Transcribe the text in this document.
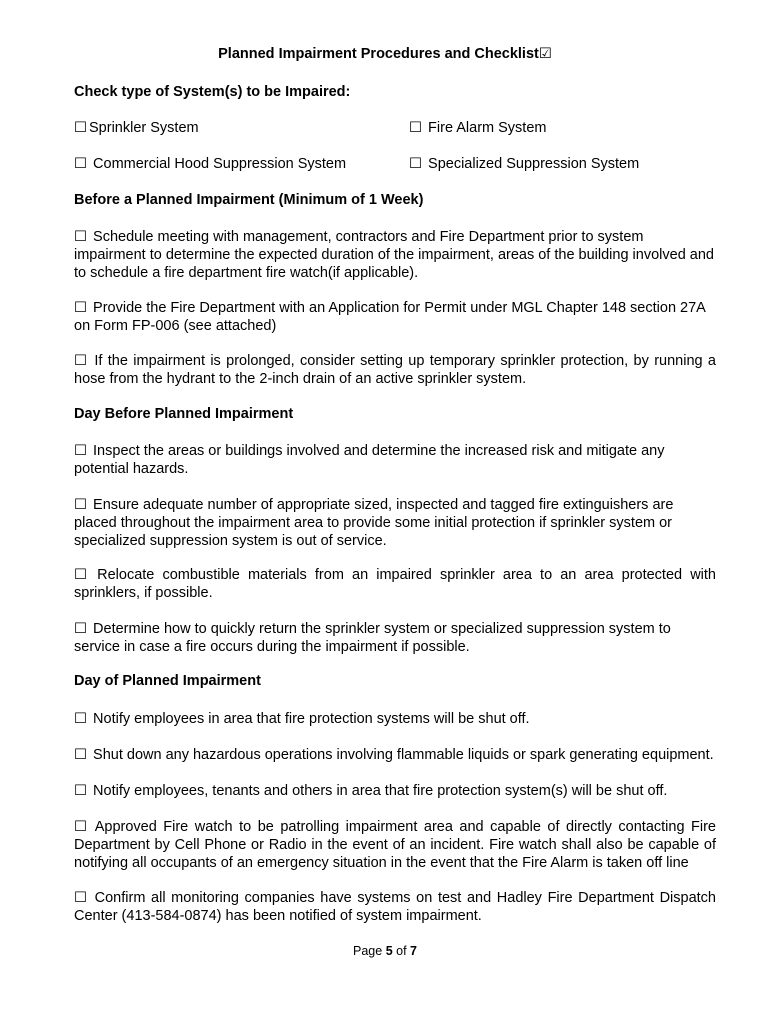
Planned Impairment Procedures and Checklist☑
Check type of System(s) to be Impaired:
☐ Sprinkler System	☐ Fire Alarm System
☐ Commercial Hood Suppression System	☐ Specialized Suppression System
Before a Planned Impairment (Minimum of 1 Week)
☐ Schedule meeting with management, contractors and Fire Department prior to system impairment to determine the expected duration of the impairment, areas of the building involved and to schedule a fire department fire watch(if applicable).
☐ Provide the Fire Department with an Application for Permit under MGL Chapter 148 section 27A on Form FP-006 (see attached)
☐ If the impairment is prolonged, consider setting up temporary sprinkler protection, by running a hose from the hydrant to the 2-inch drain of an active sprinkler system.
Day Before Planned Impairment
☐ Inspect the areas or buildings involved and determine the increased risk and mitigate any potential hazards.
☐ Ensure adequate number of appropriate sized, inspected and tagged fire extinguishers are placed throughout the impairment area to provide some initial protection if sprinkler system or specialized suppression system is out of service.
☐ Relocate combustible materials from an impaired sprinkler area to an area protected with sprinklers, if possible.
☐ Determine how to quickly return the sprinkler system or specialized suppression system to service in case a fire occurs during the impairment if possible.
Day of Planned Impairment
☐ Notify employees in area that fire protection systems will be shut off.
☐ Shut down any hazardous operations involving flammable liquids or spark generating equipment.
☐ Notify employees, tenants and others in area that fire protection system(s) will be shut off.
☐ Approved Fire watch to be patrolling impairment area and capable of directly contacting Fire Department by Cell Phone or Radio in the event of an incident. Fire watch shall also be capable of notifying all occupants of an emergency situation in the event that the Fire Alarm is taken off line
☐ Confirm all monitoring companies have systems on test and Hadley Fire Department Dispatch Center (413-584-0874) has been notified of system impairment.
Page 5 of 7
